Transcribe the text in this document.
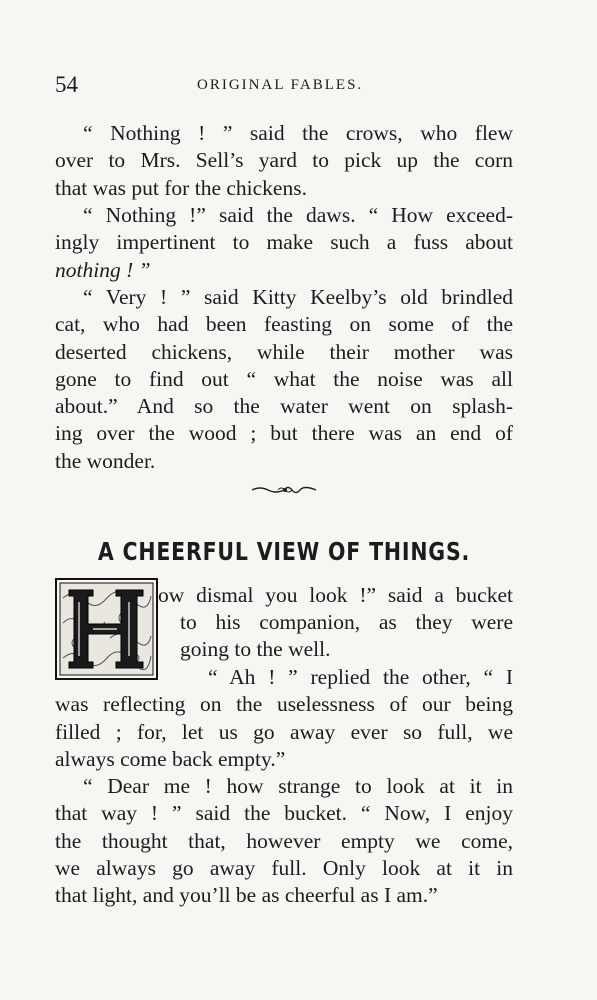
54	ORIGINAL FABLES.
“ Nothing ! ” said the crows, who flew
over to Mrs. Sell’s yard to pick up the corn
that was put for the chickens.
“ Nothing !” said the daws. “ How exceed-
ingly impertinent to make such a fuss about
nothing ! ”
“ Very ! ” said Kitty Keelby’s old brindled
cat, who had been feasting on some of the
deserted chickens, while their mother was
gone to find out “ what the noise was all
about.” And so the water went on splash-
ing over the wood ; but there was an end of
the wonder.
A CHEERFUL VIEW OF THINGS.
ow dismal you look !” said a bucket
to his companion, as they were
going to the well.
“ Ah ! ” replied the other, “ I
was reflecting on the uselessness of our being
filled ; for, let us go away ever so full, we
always come back empty.”
“ Dear me ! how strange to look at it in
that way ! ” said the bucket. “ Now, I enjoy
the thought that, however empty we come,
we always go away full. Only look at it in
that light, and you’ll be as cheerful as I am.”
